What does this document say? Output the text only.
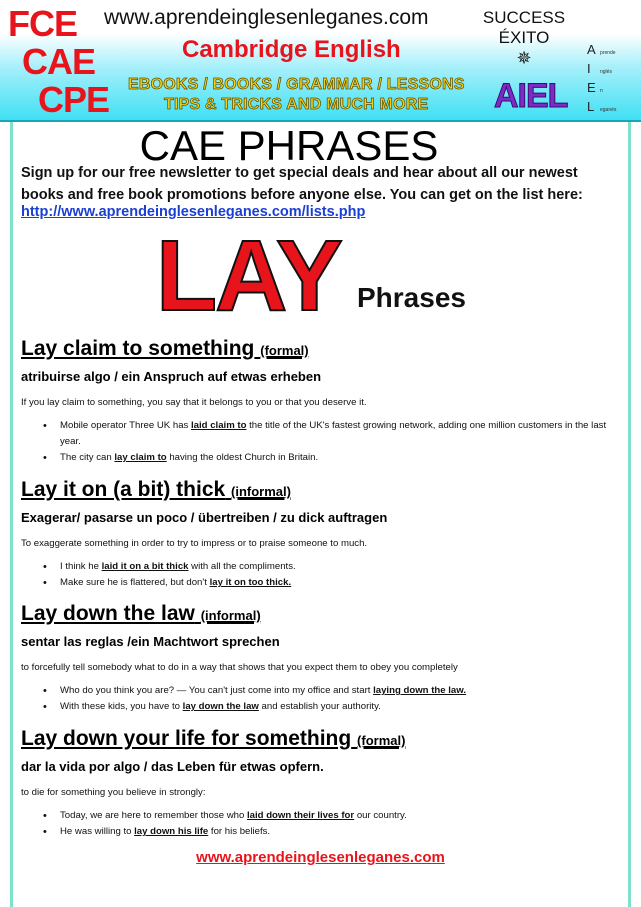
FCE
CAE
CPE
www.aprendeinglesenleganes.com
Cambridge English
EBOOKS / BOOKS / GRAMMAR / LESSONS
TIPS & TRICKS AND MUCH MORE
SUCCESS
ÉXITO
✵
AIEL
A prende
I	nglés
E n
L	eganés
CAE PHRASES
Sign up for our free newsletter to get special deals and hear about all our newest books and free book promotions before anyone else. You can get on the list here:
http://www.aprendeinglesenleganes.com/lists.php
LAY Phrases
Lay claim to something (formal)
atribuirse algo / ein Anspruch auf etwas erheben
If you lay claim to something, you say that it belongs to you or that you deserve it.
• Mobile operator Three UK has laid claim to the title of the UK's fastest growing network, adding one million customers in the last year.
• The city can lay claim to having the oldest Church in Britain.
Lay it on (a bit) thick (informal)
Exagerar/ pasarse un poco / übertreiben / zu dick auftragen
To exaggerate something in order to try to impress or to praise someone to much.
• I think he laid it on a bit thick with all the compliments.
• Make sure he is flattered, but don't lay it on too thick.
Lay down the law (informal)
sentar las reglas /ein Machtwort sprechen
to forcefully tell somebody what to do in a way that shows that you expect them to obey you completely
• Who do you think you are? — You can't just come into my office and start laying down the law.
• With these kids, you have to lay down the law and establish your authority.
Lay down your life for something (formal)
dar la vida por algo / das Leben für etwas opfern.
to die for something you believe in strongly:
• Today, we are here to remember those who laid down their lives for our country.
• He was willing to lay down his life for his beliefs.
www.aprendeinglesenleganes.com
